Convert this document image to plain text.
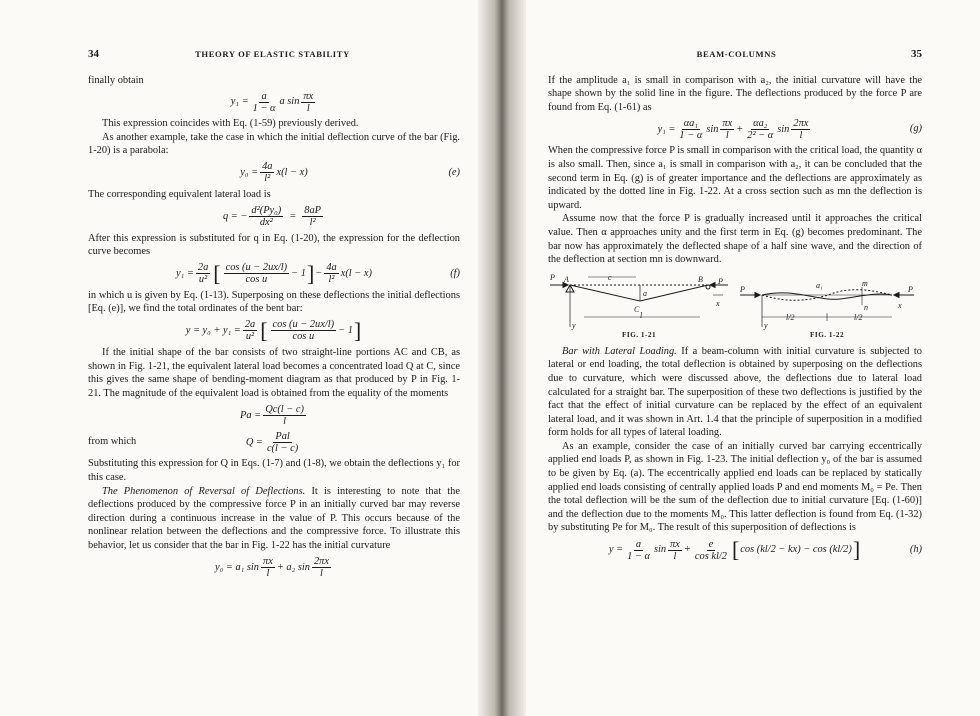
34	THEORY OF ELASTIC STABILITY

finally obtain

$y_1 = \frac{a}{1 - \alpha}$ a sin
πx
l

This expression coincides with Eq. (1-59) previously derived.

As another example, take the case in which the initial deflection curve of the bar (Fig. 1-20) is a parabola:

$y_0 = \frac{4a}{\text{l²}} x(l - x)$	(e)

The corresponding equivalent lateral load is

q = − $\frac{\text{d²(Py₀)}}{\text{dx²}} = \frac{8aP}{\text{l²}}$

After this expression is substituted for q in Eq. (1-20), the expression for the deflection curve becomes

$y_1 = \frac{2a}{\text{u²}}$ [ cos (u − 2ux/l)
cos u
− 1 ] − $\frac{4a}{\text{l²}} x(l - x)$	(f)

in which u is given by Eq. (1-13). Superposing on these deflections the initial deflections [Eq. (e)], we find the total ordinates of the bent bar:

$y = y_0 + y_1 = \frac{2a}{\text{u²}}$ [ cos (u − 2ux/l)
cos u
− 1 ]

If the initial shape of the bar consists of two straight-line portions AC and CB, as shown in Fig. 1-21, the equivalent lateral load becomes a concentrated load Q at C, since this gives the same shape of bending-moment diagram as that produced by P in Fig. 1-21. The magnitude of the equivalent load is obtained from the equality of the moments

$Pa = \frac{Qc(l - c)}{l}$
from which	Q =
Pal
c(l − c)

Substituting this expression for Q in Eqs. (1-7) and (1-8), we obtain the deflections y₁ for this case.

The Phenomenon of Reversal of Deflections. It is interesting to note that the deflections produced by the compressive force P in an initially curved bar may reverse direction during a continuous increase in the value of P. This occurs because of the nonlinear relation between the deflections and the compressive force. To illustrate this behavior, let us consider that the bar in Fig. 1-22 has the initial curvature

y₀ = a₁ sin
πx
l
+ a₂ sin
2πx
l
BEAM-COLUMNS	35

If the amplitude a₁ is small in comparison with a₂, the initial curvature will have the shape shown by the solid line in the figure. The deflections produced by the force P are found from Eq. (1-61) as

$y_1 = \frac{\text{αa₁}}{1 - \alpha}$ sin
πx
l
+ $\frac{\text{αa₂}}{\text{2² − α}}$ sin
2πx
l
(g)

When the compressive force P is small in comparison with the critical load, the quantity α is also small. Then, since a₁ is small in comparison with a₂, it can be concluded that the second term in Eq. (g) is of greater importance and the deflections are approximately as indicated by the dotted line in Fig. 1-22. At a cross section such as mn the deflection is upward.

Assume now that the force P is gradually increased until it approaches the critical value. Then α approaches unity and the first term in Eq. (g) becomes predominant. The bar now has approximately the deflected shape of a half sine wave, and the direction of the deflection at section mn is downward.

P A	c
a
C
B P
x
l
y
FIG. 1-21
P	a₁	m
n
P
x
l/2	l/2
y
FIG. 1-22

Bar with Lateral Loading. If a beam-column with initial curvature is subjected to lateral or end loading, the total deflection is obtained by superposing on the deflections due to curvature, which were discussed above, the deflections due to lateral load calculated for a straight bar. The superposition of these two deflections is justified by the fact that the effect of initial curvature can be replaced by the effect of an equivalent lateral load, and it was shown in Art. 1.4 that the principle of superposition in a modified form holds for all types of lateral loading.

As an example, consider the case of an initially curved bar carrying eccentrically applied end loads P, as shown in Fig. 1-23. The initial deflection y₀ of the bar is assumed to be given by Eq. (a). The eccentrically applied end loads can be replaced by statically applied end loads consisting of centrally applied loads P and end moments M₀ = Pe. Then the total deflection will be the sum of the deflection due to initial curvature [Eq. (1-60)] and the deflection due to the moments M₀. This latter deflection is found from Eq. (1-32) by substituting Pe for M₀. The result of this superposition of deflections is

$y = \frac{a}{1 - \alpha}$ sin
πx
l
+ $\frac{e}{\text{cos kl/2}}$ [ cos (kl/2 − kx) − cos (kl/2) ]	(h)
